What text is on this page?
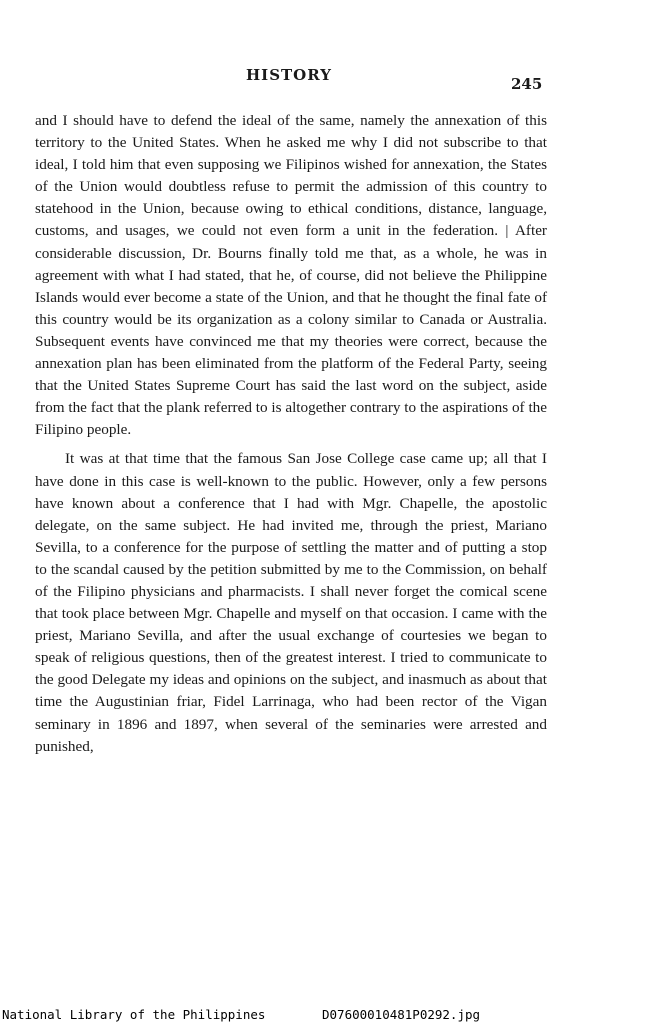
HISTORY	245

and I should have to defend the ideal of the same, namely the annexation of this territory to the United States. When he asked me why I did not subscribe to that ideal, I told him that even supposing we Filipinos wished for annexation, the States of the Union would doubtless refuse to permit the admission of this country to statehood in the Union, because owing to ethical conditions, distance, language, customs, and usages, we could not even form a unit in the federation. | After considerable discussion, Dr. Bourns finally told me that, as a whole, he was in agreement with what I had stated, that he, of course, did not believe the Philippine Islands would ever become a state of the Union, and that he thought the final fate of this country would be its organization as a colony similar to Canada or Australia. Subsequent events have convinced me that my theories were correct, because the annexation plan has been eliminated from the platform of the Federal Party, seeing that the United States Supreme Court has said the last word on the subject, aside from the fact that the plank referred to is altogether contrary to the aspirations of the Filipino people.

It was at that time that the famous San Jose College case came up; all that I have done in this case is well-known to the public. However, only a few persons have known about a conference that I had with Mgr. Chapelle, the apostolic delegate, on the same subject. He had invited me, through the priest, Mariano Sevilla, to a conference for the purpose of settling the matter and of putting a stop to the scandal caused by the petition submitted by me to the Commission, on behalf of the Filipino physicians and pharmacists. I shall never forget the comical scene that took place between Mgr. Chapelle and myself on that occasion. I came with the priest, Mariano Sevilla, and after the usual exchange of courtesies we began to speak of religious questions, then of the greatest interest. I tried to communicate to the good Delegate my ideas and opinions on the subject, and inasmuch as about that time the Augustinian friar, Fidel Larrinaga, who had been rector of the Vigan seminary in 1896 and 1897, when several of the seminaries were arrested and punished,

National Library of the Philippines	D07600010481P0292.jpg
